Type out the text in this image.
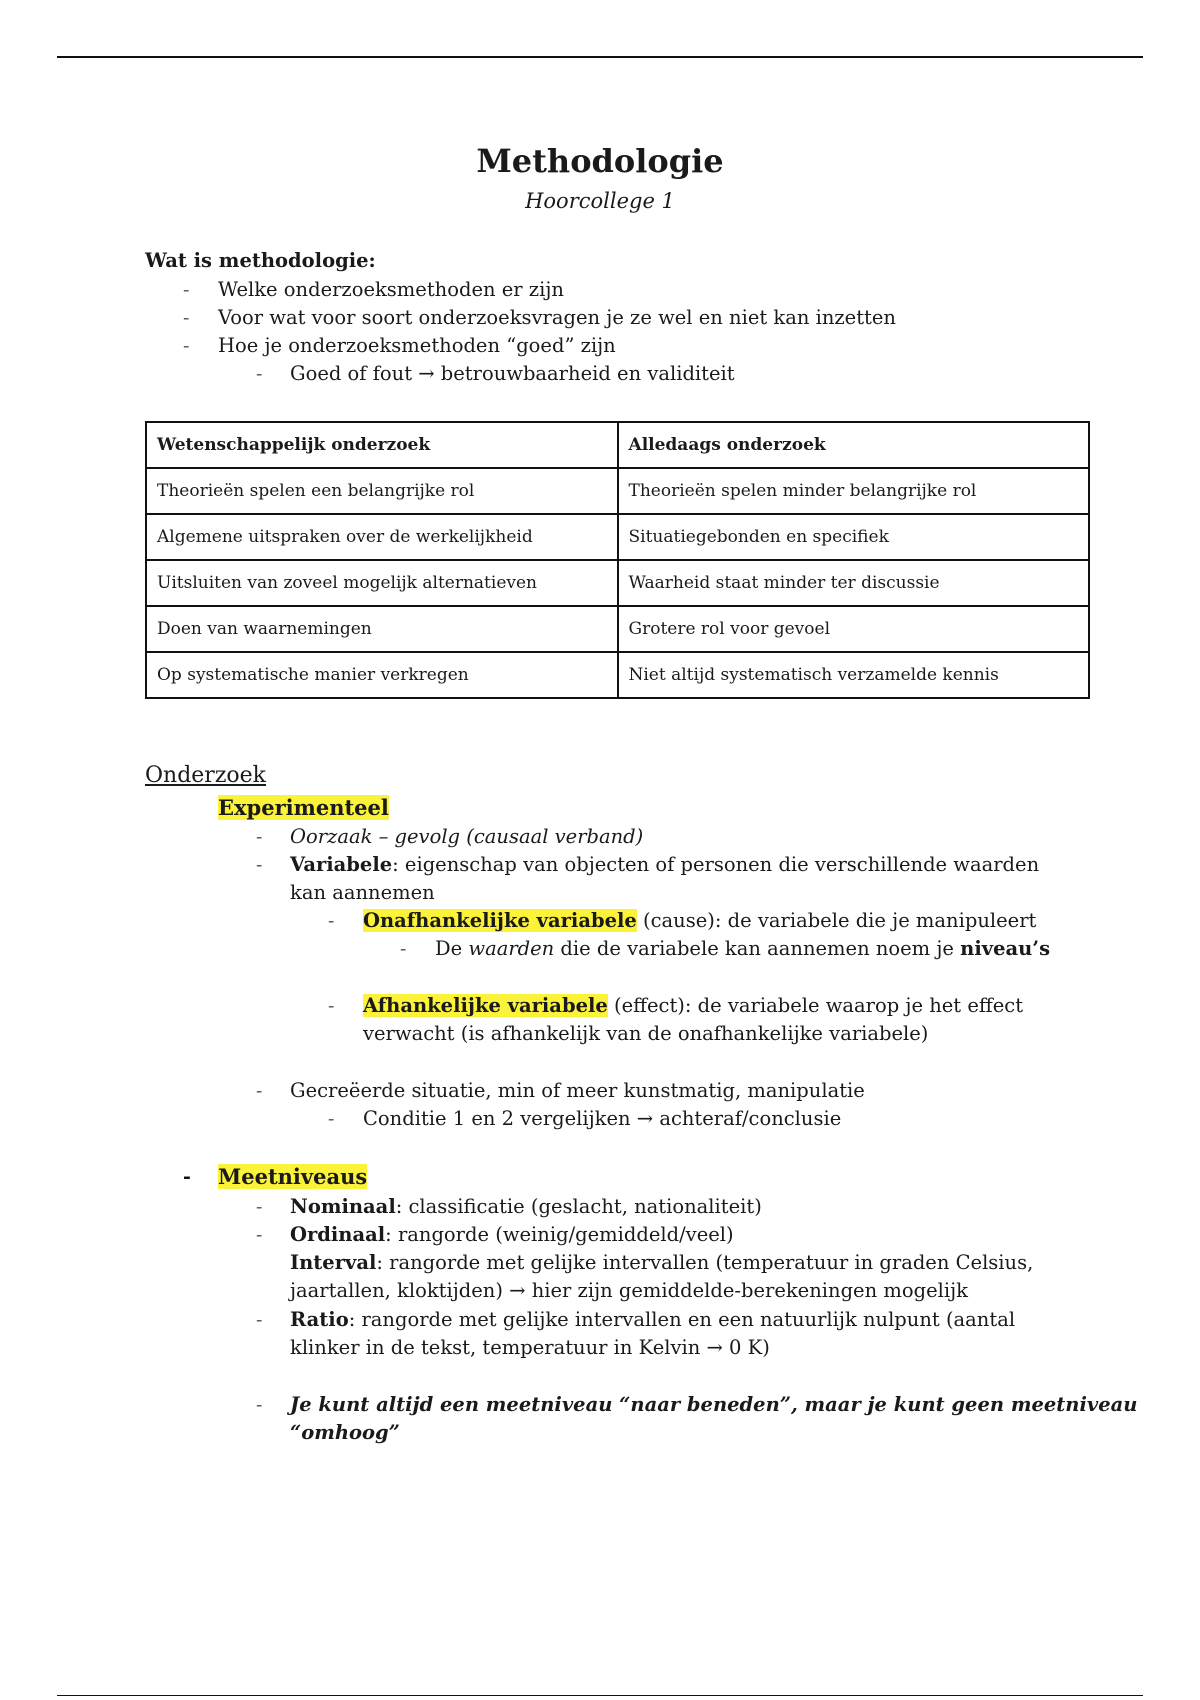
Methodologie
Hoorcollege 1
Wat is methodologie:
- Welke onderzoeksmethoden er zijn
- Voor wat voor soort onderzoeksvragen je ze wel en niet kan inzetten
- Hoe je onderzoeksmethoden “goed” zijn
- Goed of fout → betrouwbaarheid en validiteit
Wetenschappelijk onderzoek	Alledaags onderzoek
Theorieën spelen een belangrijke rol	Theorieën spelen minder belangrijke rol
Algemene uitspraken over de werkelijkheid	Situatiegebonden en specifiek
Uitsluiten van zoveel mogelijk alternatieven	Waarheid staat minder ter discussie
Doen van waarnemingen	Grotere rol voor gevoel
Op systematische manier verkregen	Niet altijd systematisch verzamelde kennis
Onderzoek
Experimenteel
- Oorzaak – gevolg (causaal verband)
- Variabele: eigenschap van objecten of personen die verschillende waarden
kan aannemen
- Onafhankelijke variabele (cause): de variabele die je manipuleert
- De waarden die de variabele kan aannemen noem je niveau’s
- Afhankelijke variabele (effect): de variabele waarop je het effect
verwacht (is afhankelijk van de onafhankelijke variabele)
- Gecreëerde situatie, min of meer kunstmatig, manipulatie
- Conditie 1 en 2 vergelijken → achteraf/conclusie
- Meetniveaus
- Nominaal: classificatie (geslacht, nationaliteit)
- Ordinaal: rangorde (weinig/gemiddeld/veel)
Interval: rangorde met gelijke intervallen (temperatuur in graden Celsius,
jaartallen, kloktijden) → hier zijn gemiddelde-berekeningen mogelijk
- Ratio: rangorde met gelijke intervallen en een natuurlijk nulpunt (aantal
klinker in de tekst, temperatuur in Kelvin → 0 K)
- Je kunt altijd een meetniveau “naar beneden”, maar je kunt geen meetniveau
“omhoog”
